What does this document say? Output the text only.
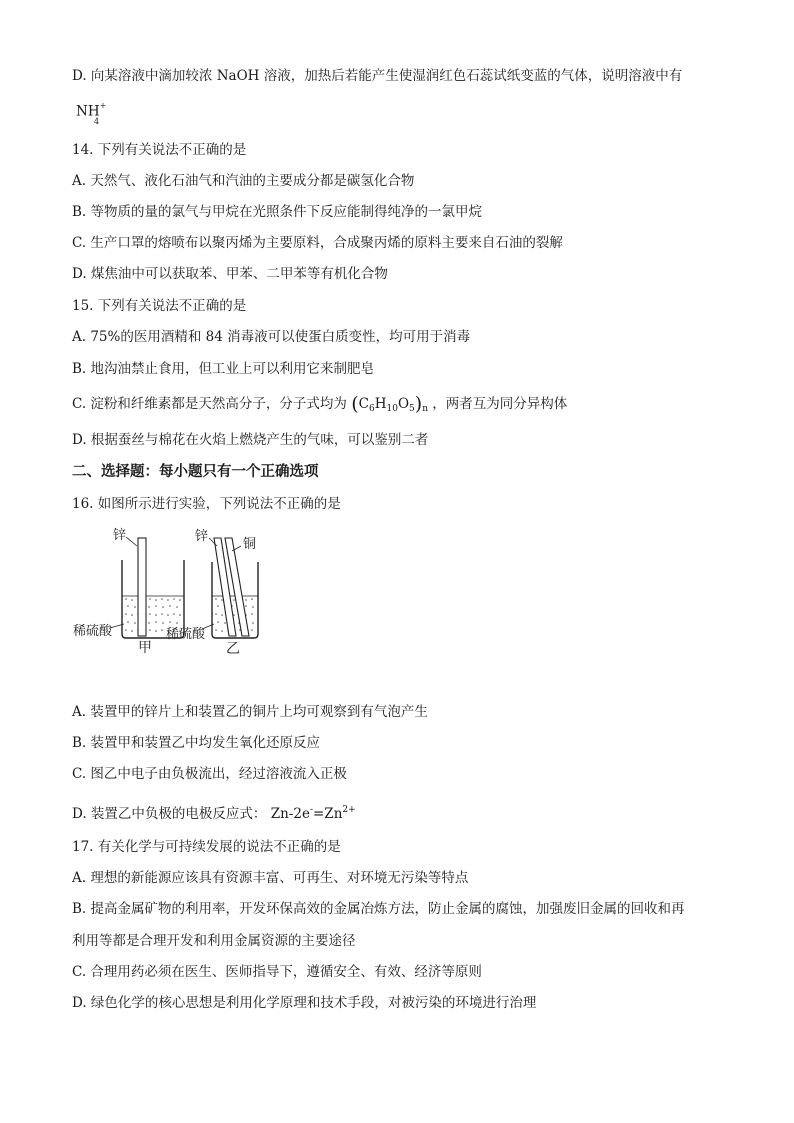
D. 向某溶液中滴加较浓 NaOH 溶液，加热后若能产生使湿润红色石蕊试纸变蓝的气体，说明溶液中有
NH+
4
14. 下列有关说法不正确的是
A. 天然气、液化石油气和汽油的主要成分都是碳氢化合物
B. 等物质的量的氯气与甲烷在光照条件下反应能制得纯净的一氯甲烷
C. 生产口罩的熔喷布以聚丙烯为主要原料，合成聚丙烯的原料主要来自石油的裂解
D. 煤焦油中可以获取苯、甲苯、二甲苯等有机化合物
15. 下列有关说法不正确的是
A. 75%的医用酒精和 84 消毒液可以使蛋白质变性，均可用于消毒
B. 地沟油禁止食用，但工业上可以利用它来制肥皂
C. 淀粉和纤维素都是天然高分子，分子式均为 $(C_6H_{10}O_5)_n$ ，两者互为同分异构体
D. 根据蚕丝与棉花在火焰上燃烧产生的气味，可以鉴别二者
二、选择题：每小题只有一个正确选项
16. 如图所示进行实验，下列说法不正确的是
锌
稀硫酸
甲
锌
铜
稀硫酸
乙
A. 装置甲的锌片上和装置乙的铜片上均可观察到有气泡产生
B. 装置甲和装置乙中均发生氧化还原反应
C. 图乙中电子由负极流出，经过溶液流入正极
D. 装置乙中负极的电极反应式： $Zn-2e^-=Zn^{2+}$
17. 有关化学与可持续发展的说法不正确的是
A. 理想的新能源应该具有资源丰富、可再生、对环境无污染等特点
B. 提高金属矿物的利用率，开发环保高效的金属冶炼方法，防止金属的腐蚀，加强废旧金属的回收和再
利用等都是合理开发和利用金属资源的主要途径
C. 合理用药必须在医生、医师指导下，遵循安全、有效、经济等原则
D. 绿色化学的核心思想是利用化学原理和技术手段，对被污染的环境进行治理
